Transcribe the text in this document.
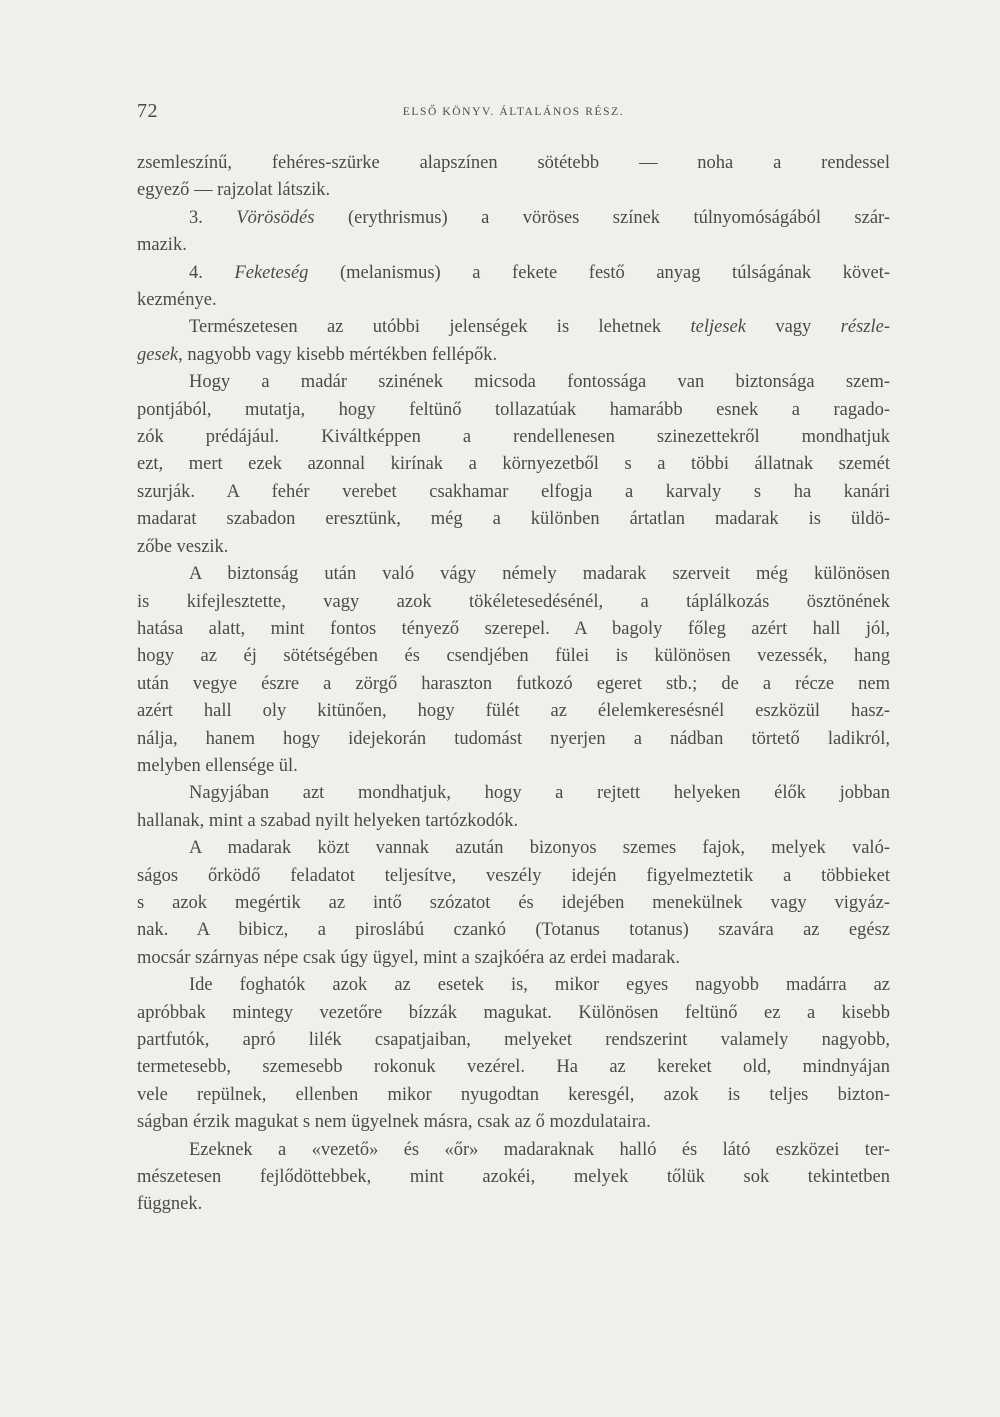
72	ELSŐ KÖNYV. ÁLTALÁNOS RÉSZ.

zsemleszínű, fehéres-szürke alapszínen sötétebb — noha a rendessel

egyező — rajzolat látszik.

3. Vörösödés (erythrismus) a vöröses színek túlnyomóságából szár-

mazik.

4. Feketeség (melanismus) a fekete festő anyag túlságának követ-

kezménye.

Természetesen az utóbbi jelenségek is lehetnek teljesek vagy részle-

gesek, nagyobb vagy kisebb mértékben fellépők.

Hogy a madár szinének micsoda fontossága van biztonsága szem-

pontjából, mutatja, hogy feltünő tollazatúak hamarább esnek a ragado-

zók prédájául. Kiváltképpen a rendellenesen szinezettekről mondhatjuk

ezt, mert ezek azonnal kirínak a környezetből s a többi állatnak szemét

szurják. A fehér verebet csakhamar elfogja a karvaly s ha kanári

madarat szabadon eresztünk, még a különben ártatlan madarak is üldö-

zőbe veszik.

A biztonság után való vágy némely madarak szerveit még különösen

is kifejlesztette, vagy azok tökéletesedésénél, a táplálkozás ösztönének

hatása alatt, mint fontos tényező szerepel. A bagoly főleg azért hall jól,

hogy az éj sötétségében és csendjében fülei is különösen vezessék, hang

után vegye észre a zörgő haraszton futkozó egeret stb.; de a récze nem

azért hall oly kitünően, hogy fülét az élelemkeresésnél eszközül hasz-

nálja, hanem hogy idejekorán tudomást nyerjen a nádban törtető ladikról,

melyben ellensége ül.

Nagyjában azt mondhatjuk, hogy a rejtett helyeken élők jobban

hallanak, mint a szabad nyilt helyeken tartózkodók.

A madarak közt vannak azután bizonyos szemes fajok, melyek való-

ságos őrködő feladatot teljesítve, veszély idején figyelmeztetik a többieket

s azok megértik az intő szózatot és idejében menekülnek vagy vigyáz-

nak. A bibicz, a piroslábú czankó (Totanus totanus) szavára az egész

mocsár szárnyas népe csak úgy ügyel, mint a szajkóéra az erdei madarak.

Ide foghatók azok az esetek is, mikor egyes nagyobb madárra az

apróbbak mintegy vezetőre bízzák magukat. Különösen feltünő ez a kisebb

partfutók, apró lilék csapatjaiban, melyeket rendszerint valamely nagyobb,

termetesebb, szemesebb rokonuk vezérel. Ha az kereket old, mindnyájan

vele repülnek, ellenben mikor nyugodtan keresgél, azok is teljes bizton-

ságban érzik magukat s nem ügyelnek másra, csak az ő mozdulataira.

Ezeknek a «vezető» és «őr» madaraknak halló és látó eszközei ter-

mészetesen fejlődöttebbek, mint azokéi, melyek tőlük sok tekintetben

függnek.
